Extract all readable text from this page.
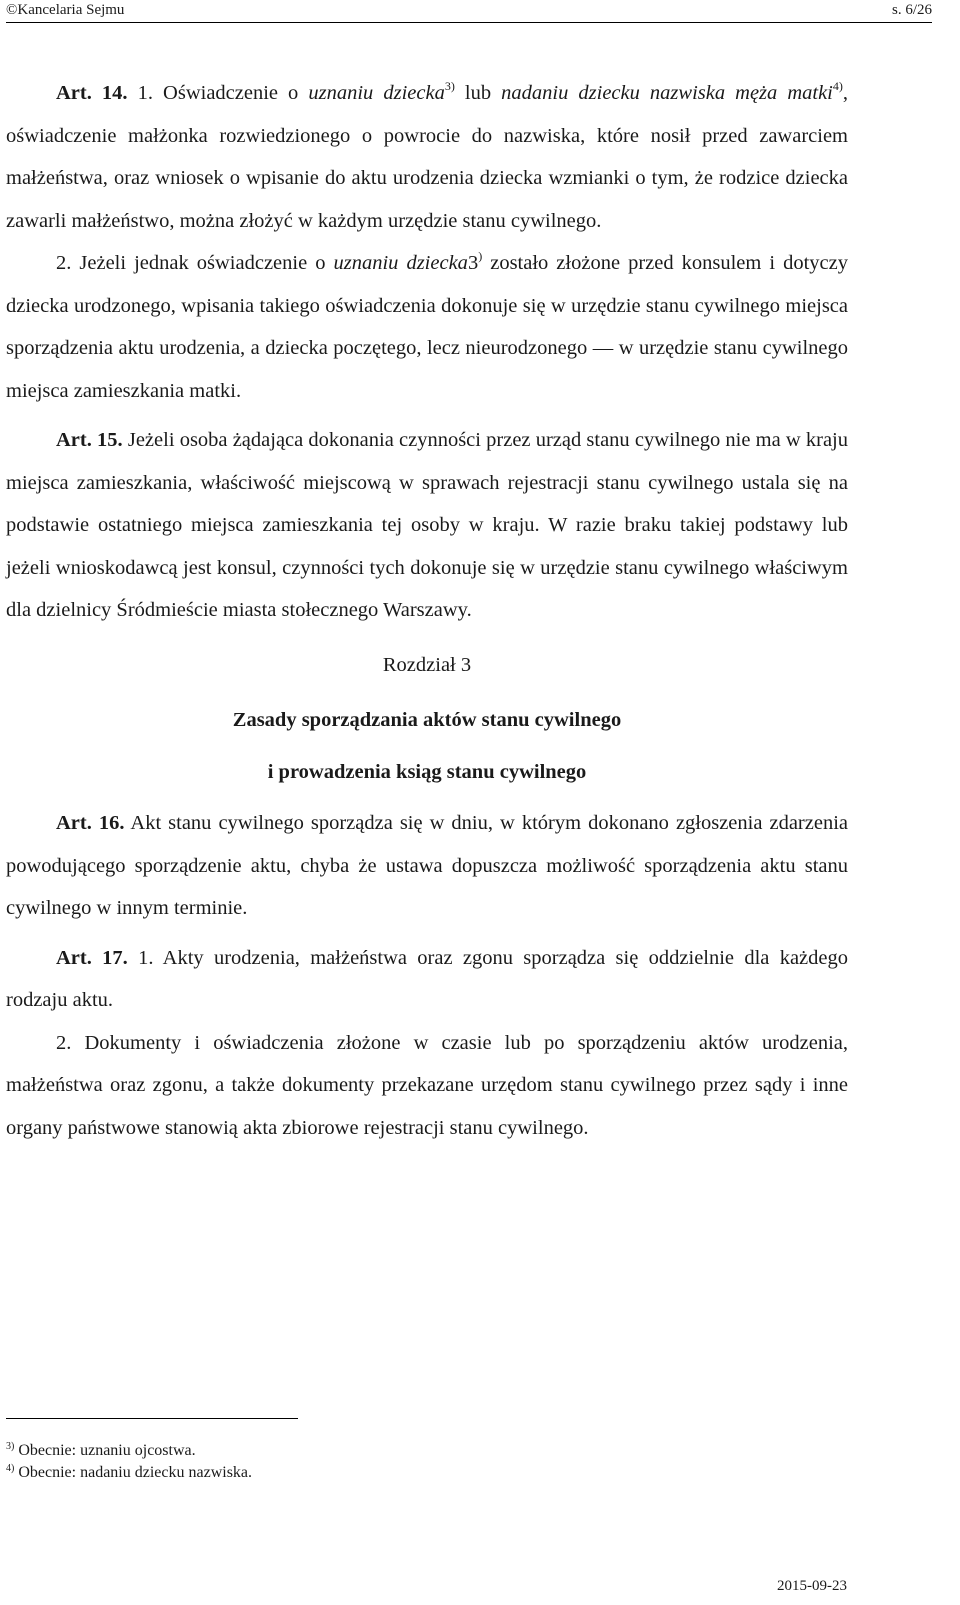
©Kancelaria Sejmu	s. 6/26

Art. 14. 1. Oświadczenie o uznaniu dziecka$^{3)}$ lub nadaniu dziecku nazwiska męża matki$^{4)}$, oświadczenie małżonka rozwiedzionego o powrocie do nazwiska, które nosił przed zawarciem małżeństwa, oraz wniosek o wpisanie do aktu urodzenia dziecka wzmianki o tym, że rodzice dziecka zawarli małżeństwo, można złożyć w każdym urzędzie stanu cywilnego.

2. Jeżeli jednak oświadczenie o uznaniu dziecka3) zostało złożone przed konsulem i dotyczy dziecka urodzonego, wpisania takiego oświadczenia dokonuje się w urzędzie stanu cywilnego miejsca sporządzenia aktu urodzenia, a dziecka poczętego, lecz nieurodzonego — w urzędzie stanu cywilnego miejsca zamieszkania matki.

Art. 15. Jeżeli osoba żądająca dokonania czynności przez urząd stanu cywilnego nie ma w kraju miejsca zamieszkania, właściwość miejscową w sprawach rejestracji stanu cywilnego ustala się na podstawie ostatniego miejsca zamieszkania tej osoby w kraju. W razie braku takiej podstawy lub jeżeli wnioskodawcą jest konsul, czynności tych dokonuje się w urzędzie stanu cywilnego właściwym dla dzielnicy Śródmieście miasta stołecznego Warszawy.

Rozdział 3

Zasady sporządzania aktów stanu cywilnego

i prowadzenia ksiąg stanu cywilnego

Art. 16. Akt stanu cywilnego sporządza się w dniu, w którym dokonano zgłoszenia zdarzenia powodującego sporządzenie aktu, chyba że ustawa dopuszcza możliwość sporządzenia aktu stanu cywilnego w innym terminie.

Art. 17. 1. Akty urodzenia, małżeństwa oraz zgonu sporządza się oddzielnie dla każdego rodzaju aktu.

2. Dokumenty i oświadczenia złożone w czasie lub po sporządzeniu aktów urodzenia, małżeństwa oraz zgonu, a także dokumenty przekazane urzędom stanu cywilnego przez sądy i inne organy państwowe stanowią akta zbiorowe rejestracji stanu cywilnego.

$^{3)}$ Obecnie: uznaniu ojcostwa.
$^{4)}$ Obecnie: nadaniu dziecku nazwiska.
2015-09-23
